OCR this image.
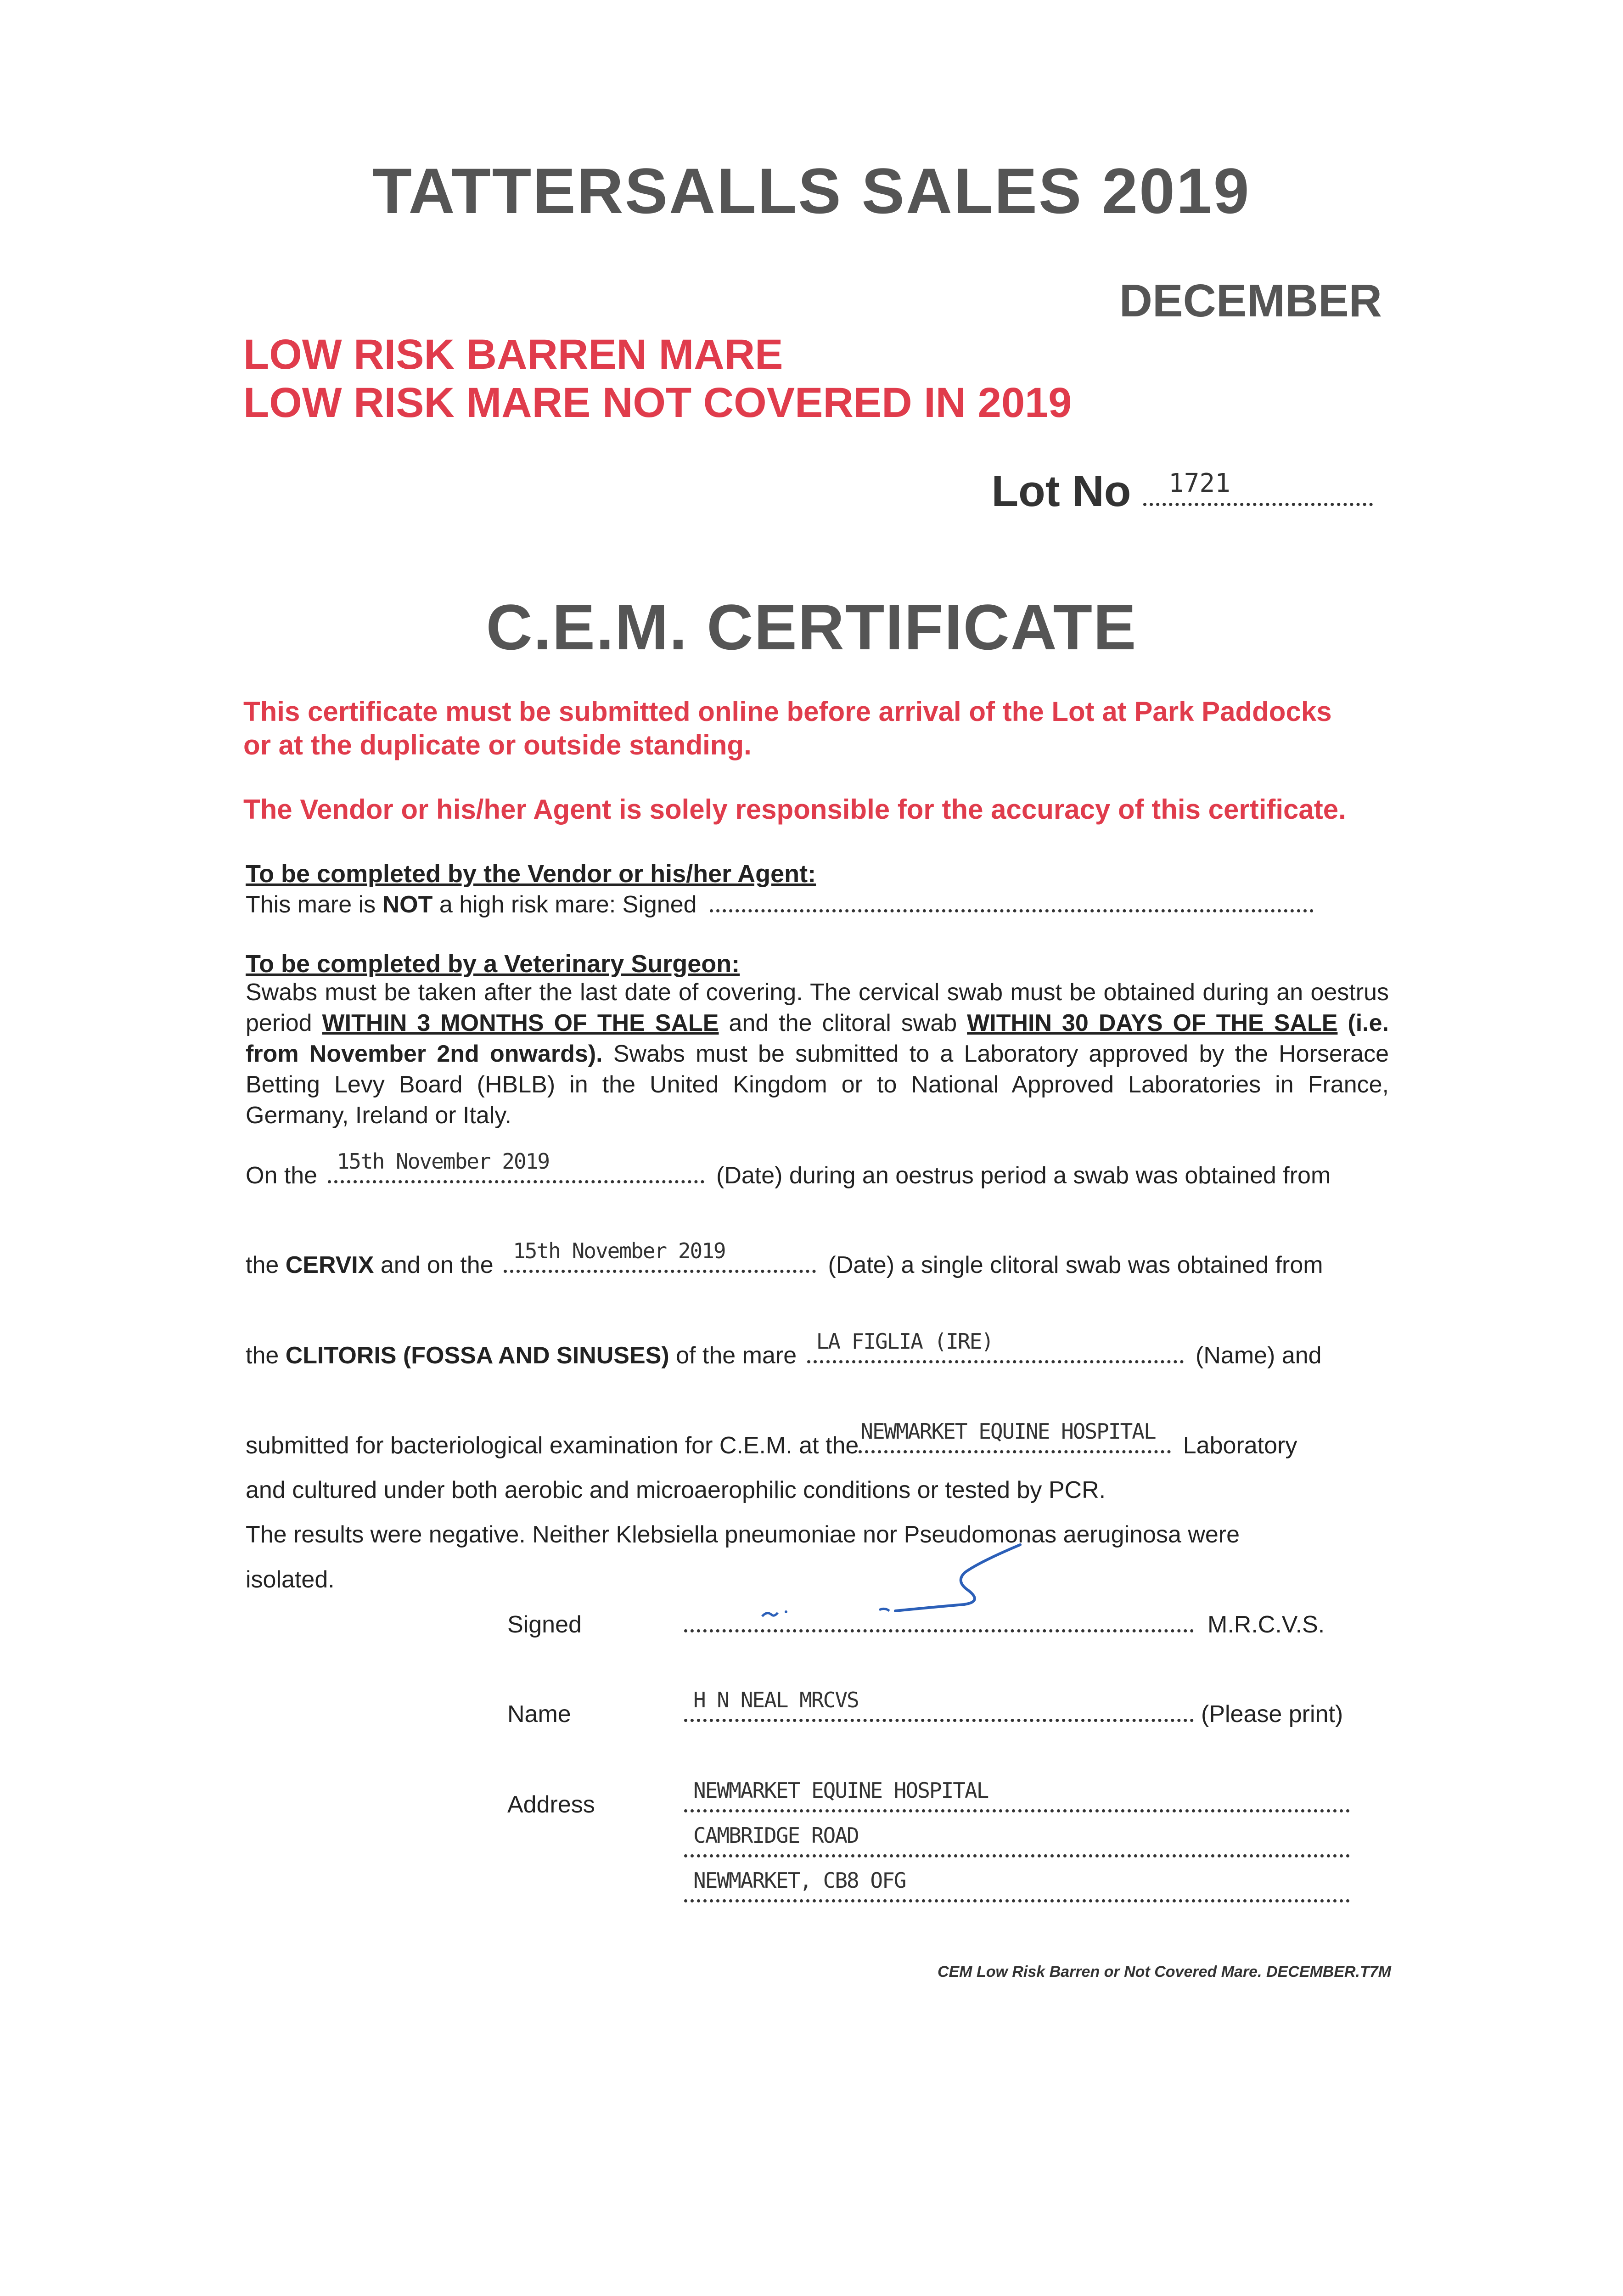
TATTERSALLS SALES 2019
DECEMBER
LOW RISK BARREN MARE
LOW RISK MARE NOT COVERED IN 2019
Lot No	1721
C.E.M. CERTIFICATE
This certificate must be submitted online before arrival of the Lot at Park Paddocks
or at the duplicate or outside standing.
The Vendor or his/her Agent is solely responsible for the accuracy of this certificate.
To be completed by the Vendor or his/her Agent:
This mare is NOT a high risk mare: Signed
To be completed by a Veterinary Surgeon:
Swabs must be taken after the last date of covering. The cervical swab must be obtained during an oestrus period WITHIN 3 MONTHS OF THE SALE and the clitoral swab WITHIN 30 DAYS OF THE SALE (i.e. from November 2nd onwards). Swabs must be submitted to a Laboratory approved by the Horserace Betting Levy Board (HBLB) in the United Kingdom or to National Approved Laboratories in France, Germany, Ireland or Italy.
On the
15th November 2019
(Date) during an oestrus period a swab was obtained from
the CERVIX and on the
15th November 2019
(Date) a single clitoral swab was obtained from
the CLITORIS (FOSSA AND SINUSES) of the mare
LA FIGLIA (IRE)
(Name) and
submitted for bacteriological examination for C.E.M. at the
NEWMARKET EQUINE HOSPITAL
Laboratory
and cultured under both aerobic and microaerophilic conditions or tested by PCR.
The results were negative. Neither Klebsiella pneumoniae nor Pseudomonas aeruginosa were
isolated.
Signed	M.R.C.V.S.
Name
H N NEAL MRCVS
(Please print)
Address
NEWMARKET EQUINE HOSPITAL
CAMBRIDGE ROAD
NEWMARKET, CB8 OFG
CEM Low Risk Barren or Not Covered Mare. DECEMBER.T7M
